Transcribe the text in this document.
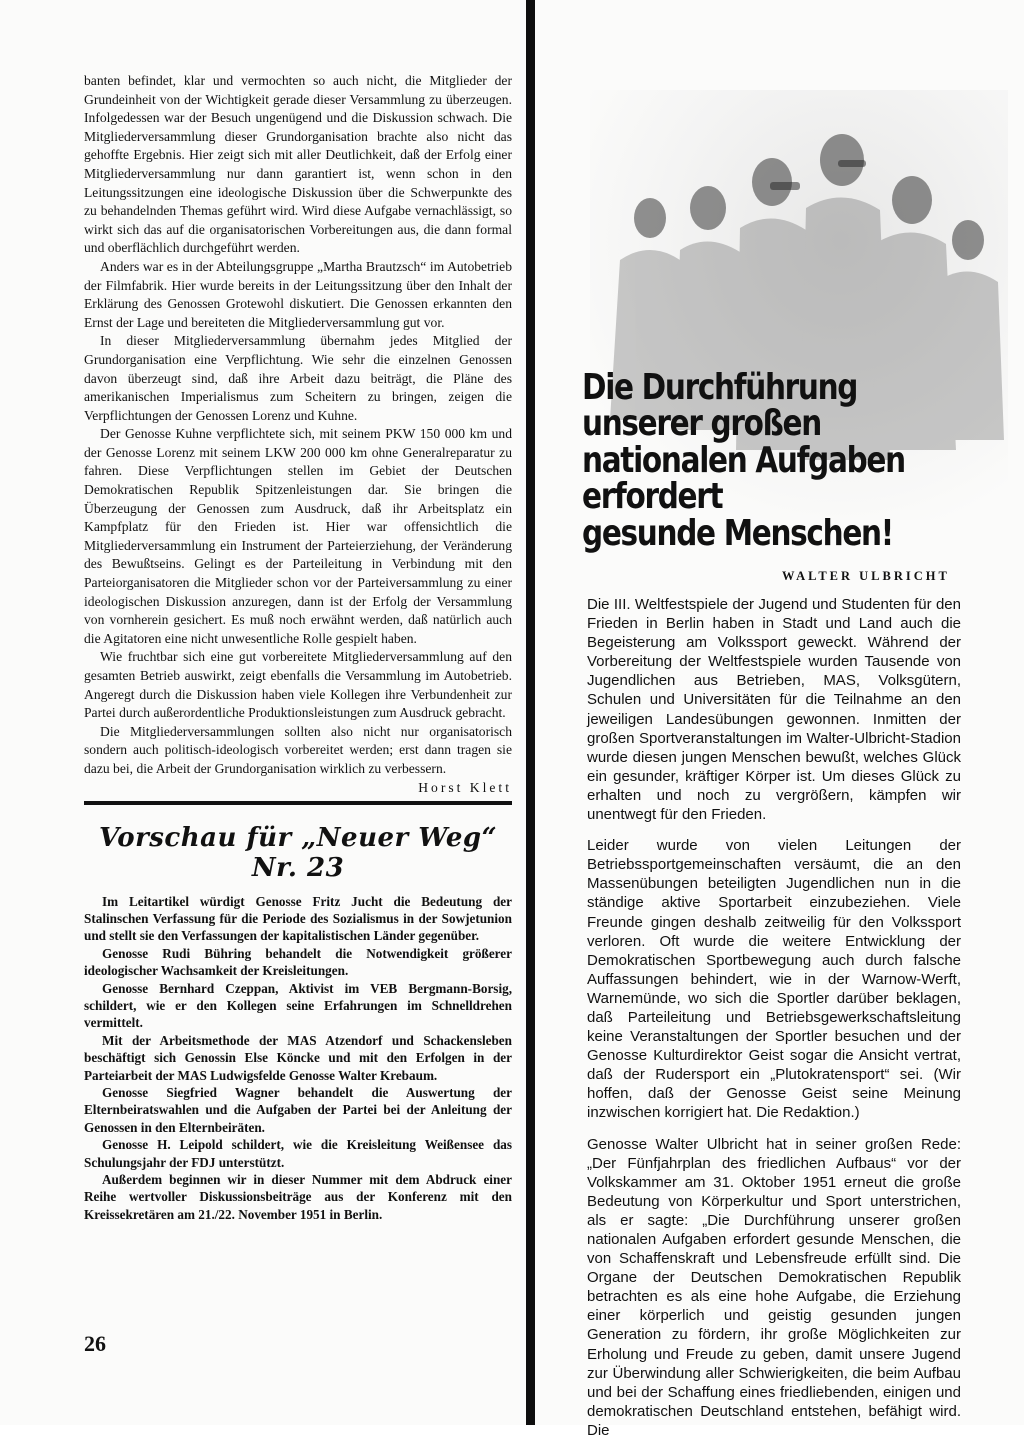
banten befindet, klar und vermochten so auch nicht, die Mitglieder der Grundeinheit von der Wichtigkeit gerade dieser Versammlung zu überzeugen. Infolgedessen war der Besuch ungenügend und die Diskussion schwach. Die Mitgliederversammlung dieser Grundorganisation brachte also nicht das gehoffte Ergebnis. Hier zeigt sich mit aller Deutlichkeit, daß der Erfolg einer Mitgliederversammlung nur dann garantiert ist, wenn schon in den Leitungssitzungen eine ideologische Diskussion über die Schwerpunkte des zu behandelnden Themas geführt wird. Wird diese Aufgabe vernachlässigt, so wirkt sich das auf die organisatorischen Vorbereitungen aus, die dann formal und oberflächlich durchgeführt werden.

Anders war es in der Abteilungsgruppe „Martha Brautzsch“ im Autobetrieb der Filmfabrik. Hier wurde bereits in der Leitungssitzung über den Inhalt der Erklärung des Genossen Grotewohl diskutiert. Die Genossen erkannten den Ernst der Lage und bereiteten die Mitgliederversammlung gut vor.

In dieser Mitgliederversammlung übernahm jedes Mitglied der Grundorganisation eine Verpflichtung. Wie sehr die einzelnen Genossen davon überzeugt sind, daß ihre Arbeit dazu beiträgt, die Pläne des amerikanischen Imperialismus zum Scheitern zu bringen, zeigen die Verpflichtungen der Genossen Lorenz und Kuhne.

Der Genosse Kuhne verpflichtete sich, mit seinem PKW 150 000 km und der Genosse Lorenz mit seinem LKW 200 000 km ohne Generalreparatur zu fahren. Diese Verpflichtungen stellen im Gebiet der Deutschen Demokratischen Republik Spitzenleistungen dar. Sie bringen die Überzeugung der Genossen zum Ausdruck, daß ihr Arbeitsplatz ein Kampfplatz für den Frieden ist. Hier war offensichtlich die Mitgliederversammlung ein Instrument der Parteierziehung, der Veränderung des Bewußtseins. Gelingt es der Parteileitung in Verbindung mit den Parteiorganisatoren die Mitglieder schon vor der Parteiversammlung zu einer ideologischen Diskussion anzuregen, dann ist der Erfolg der Versammlung von vornherein gesichert. Es muß noch erwähnt werden, daß natürlich auch die Agitatoren eine nicht unwesentliche Rolle gespielt haben.

Wie fruchtbar sich eine gut vorbereitete Mitgliederversammlung auf den gesamten Betrieb auswirkt, zeigt ebenfalls die Versammlung im Autobetrieb. Angeregt durch die Diskussion haben viele Kollegen ihre Verbundenheit zur Partei durch außerordentliche Produktionsleistungen zum Ausdruck gebracht.

Die Mitgliederversammlungen sollten also nicht nur organisatorisch sondern auch politisch-ideologisch vorbereitet werden; erst dann tragen sie dazu bei, die Arbeit der Grundorganisation wirklich zu verbessern.

Horst Klett
Vorschau für „Neuer Weg“ Nr. 23

Im Leitartikel würdigt Genosse Fritz Jucht die Bedeutung der Stalinschen Verfassung für die Periode des Sozialismus in der Sowjetunion und stellt sie den Verfassungen der kapitalistischen Länder gegenüber.

Genosse Rudi Bühring behandelt die Notwendigkeit größerer ideologischer Wachsamkeit der Kreisleitungen.

Genosse Bernhard Czeppan, Aktivist im VEB Bergmann-Borsig, schildert, wie er den Kollegen seine Erfahrungen im Schnelldrehen vermittelt.

Mit der Arbeitsmethode der MAS Atzendorf und Schackensleben beschäftigt sich Genossin Else Köncke und mit den Erfolgen in der Parteiarbeit der MAS Ludwigsfelde Genosse Walter Krebaum.

Genosse Siegfried Wagner behandelt die Auswertung der Elternbeiratswahlen und die Aufgaben der Partei bei der Anleitung der Genossen in den Elternbeiräten.

Genosse H. Leipold schildert, wie die Kreisleitung Weißensee das Schulungsjahr der FDJ unterstützt.

Außerdem beginnen wir in dieser Nummer mit dem Abdruck einer Reihe wertvoller Diskussionsbeiträge aus der Konferenz mit den Kreissekretären am 21./22. November 1951 in Berlin.

26
Die Durchführung
unserer großen
nationalen Aufgaben
erfordert
gesunde Menschen!
WALTER ULBRICHT

Die III. Weltfestspiele der Jugend und Studenten für den Frieden in Berlin haben in Stadt und Land auch die Begeisterung am Volkssport geweckt. Während der Vorbereitung der Weltfestspiele wurden Tausende von Jugendlichen aus Betrieben, MAS, Volksgütern, Schulen und Universitäten für die Teilnahme an den jeweiligen Landesübungen gewonnen. Inmitten der großen Sportveranstaltungen im Walter-Ulbricht-Stadion wurde diesen jungen Menschen bewußt, welches Glück ein gesunder, kräftiger Körper ist. Um dieses Glück zu erhalten und noch zu vergrößern, kämpfen wir unentwegt für den Frieden.

Leider wurde von vielen Leitungen der Betriebssportgemeinschaften versäumt, die an den Massenübungen beteiligten Jugendlichen nun in die ständige aktive Sportarbeit einzubeziehen. Viele Freunde gingen deshalb zeitweilig für den Volkssport verloren. Oft wurde die weitere Entwicklung der Demokratischen Sportbewegung auch durch falsche Auffassungen behindert, wie in der Warnow-Werft, Warnemünde, wo sich die Sportler darüber beklagen, daß Parteileitung und Betriebsgewerkschaftsleitung keine Veranstaltungen der Sportler besuchen und der Genosse Kulturdirektor Geist sogar die Ansicht vertrat, daß der Rudersport ein „Plutokratensport“ sei. (Wir hoffen, daß der Genosse Geist seine Meinung inzwischen korrigiert hat. Die Redaktion.)

Genosse Walter Ulbricht hat in seiner großen Rede: „Der Fünfjahrplan des friedlichen Aufbaus“ vor der Volkskammer am 31. Oktober 1951 erneut die große Bedeutung von Körperkultur und Sport unterstrichen, als er sagte: „Die Durchführung unserer großen nationalen Aufgaben erfordert gesunde Menschen, die von Schaffenskraft und Lebensfreude erfüllt sind. Die Organe der Deutschen Demokratischen Republik betrachten es als eine hohe Aufgabe, die Erziehung einer körperlich und geistig gesunden jungen Generation zu fördern, ihr große Möglichkeiten zur Erholung und Freude zu geben, damit unsere Jugend zur Überwindung aller Schwierigkeiten, die beim Aufbau und bei der Schaffung eines friedliebenden, einigen und demokratischen Deutschland entstehen, befähigt wird. Die
